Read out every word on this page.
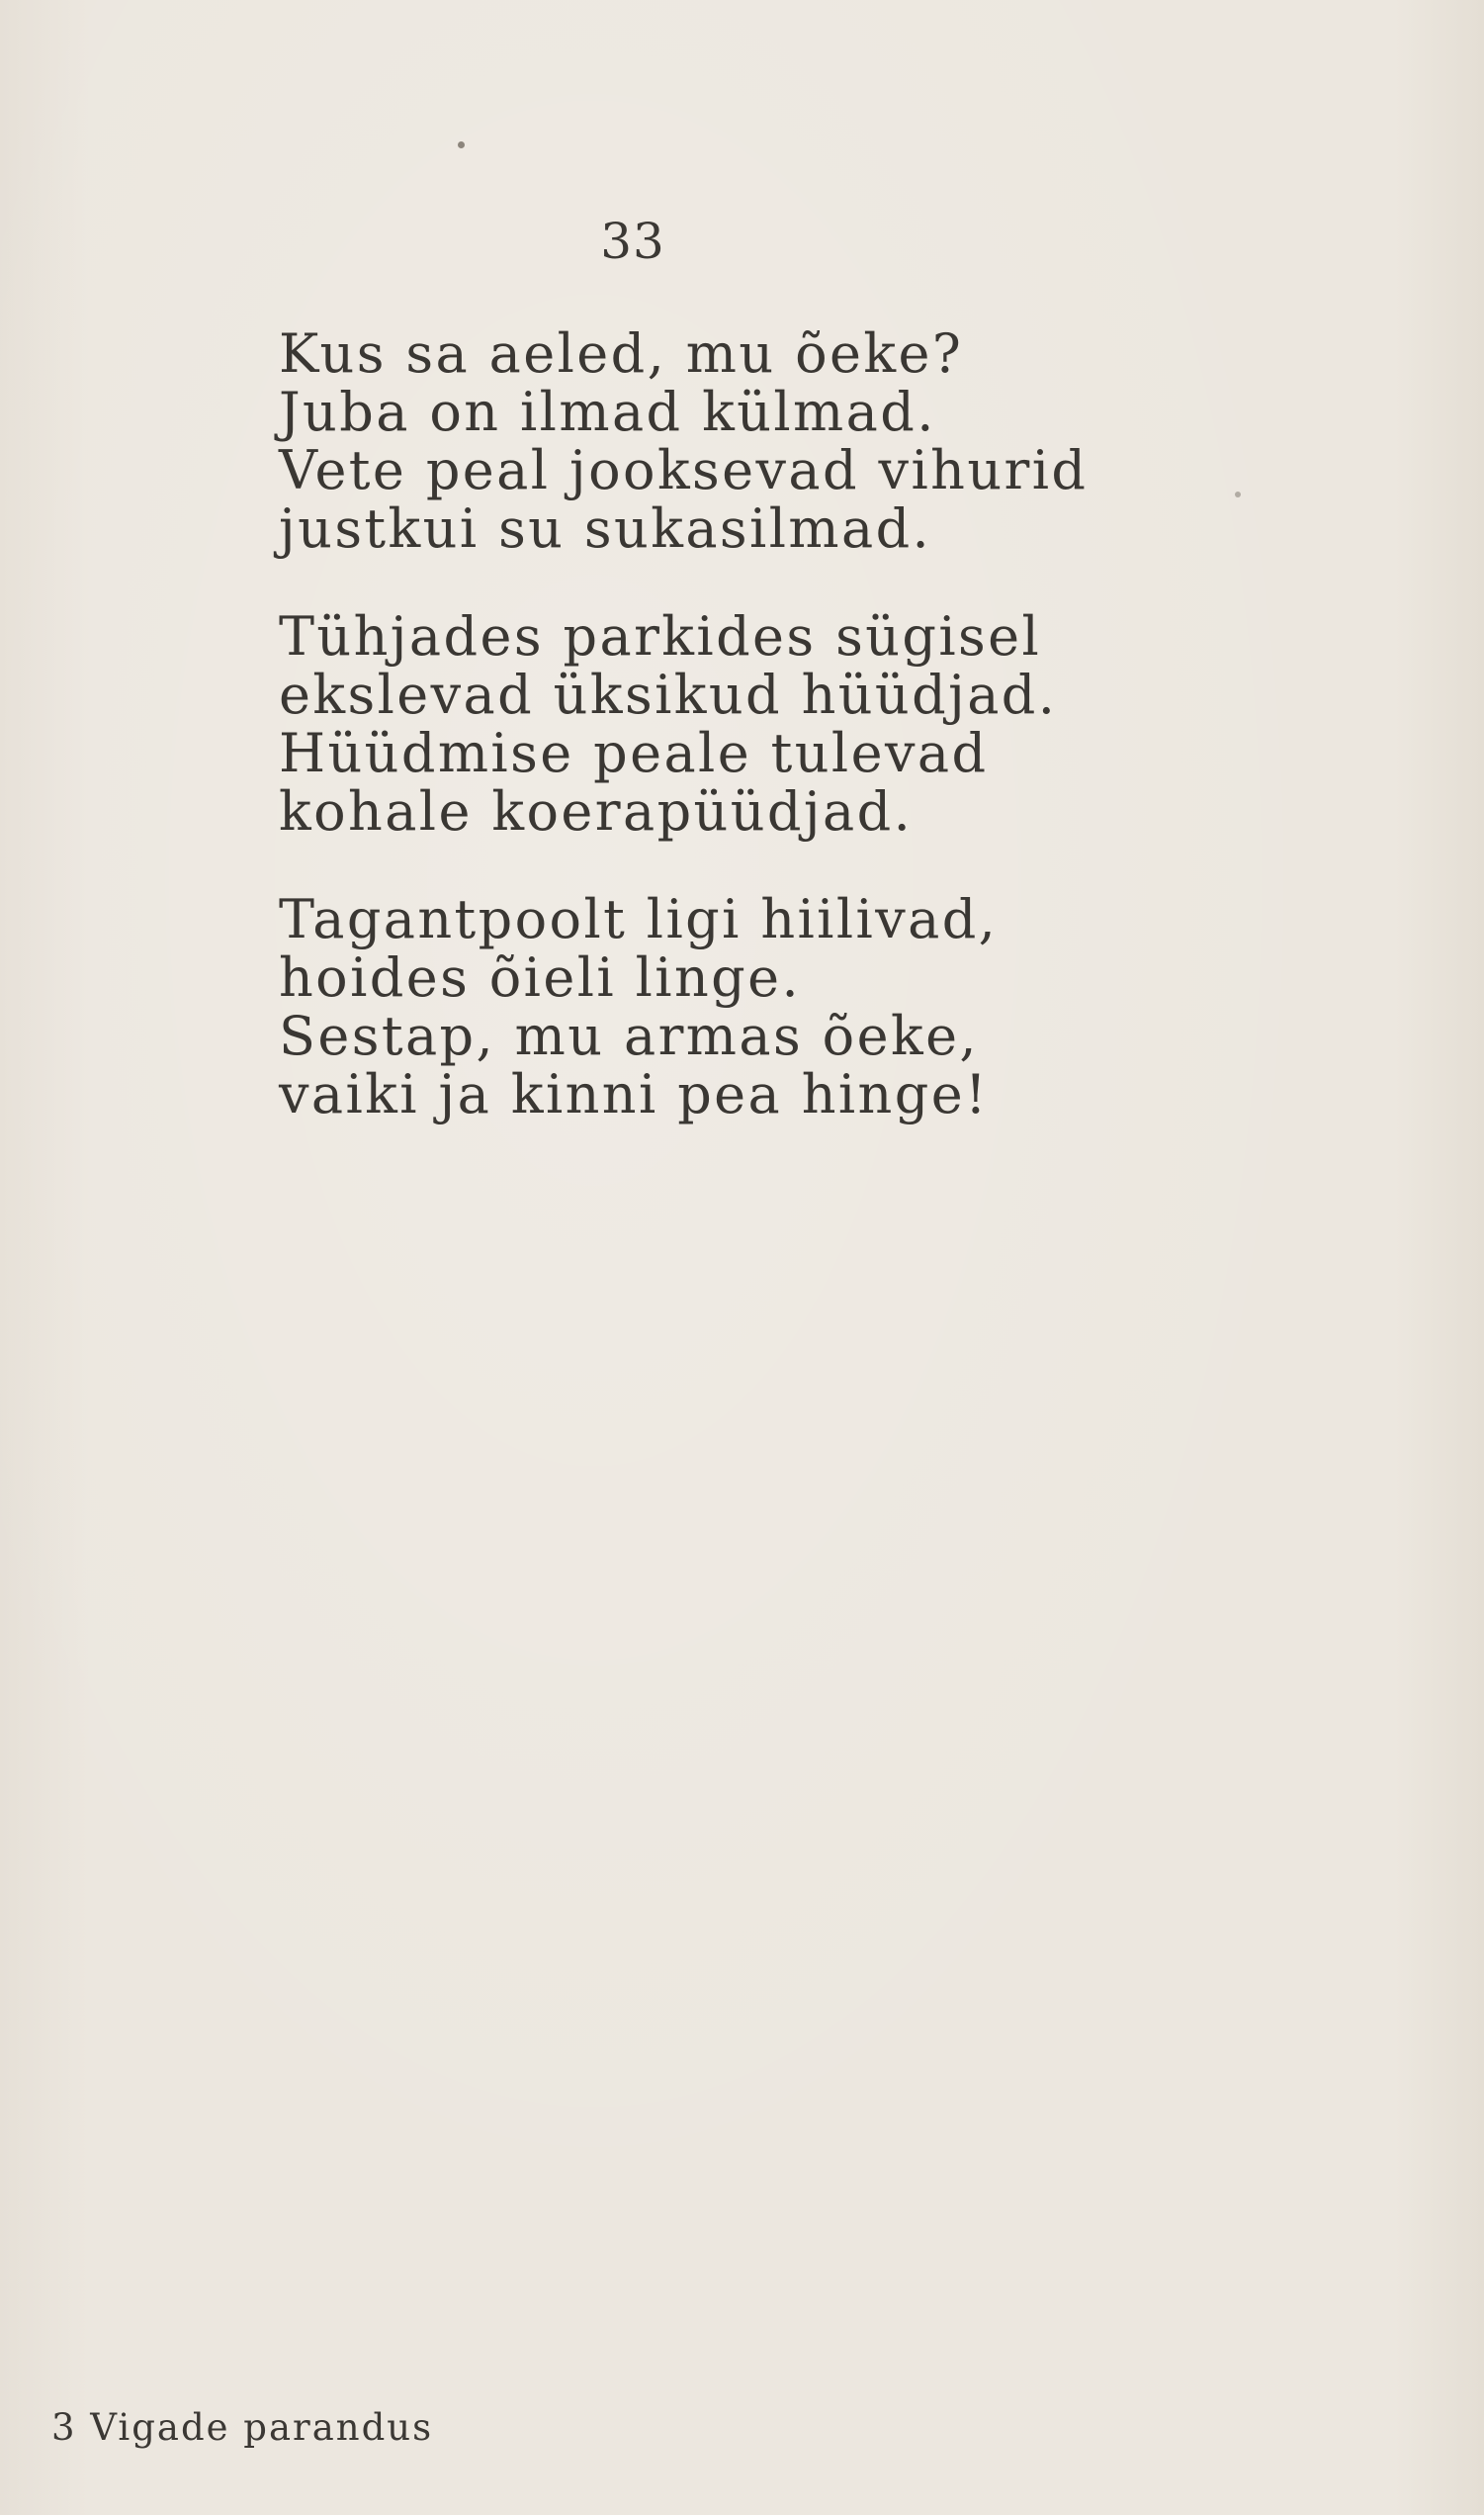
33
Kus sa aeled, mu õeke?
Juba on ilmad külmad.
Vete peal jooksevad vihurid
justkui su sukasilmad.
Tühjades parkides sügisel
ekslevad üksikud hüüdjad.
Hüüdmise peale tulevad
kohale koerapüüdjad.
Tagantpoolt ligi hiilivad,
hoides õieli linge.
Sestap, mu armas õeke,
vaiki ja kinni pea hinge!
3 Vigade parandus
